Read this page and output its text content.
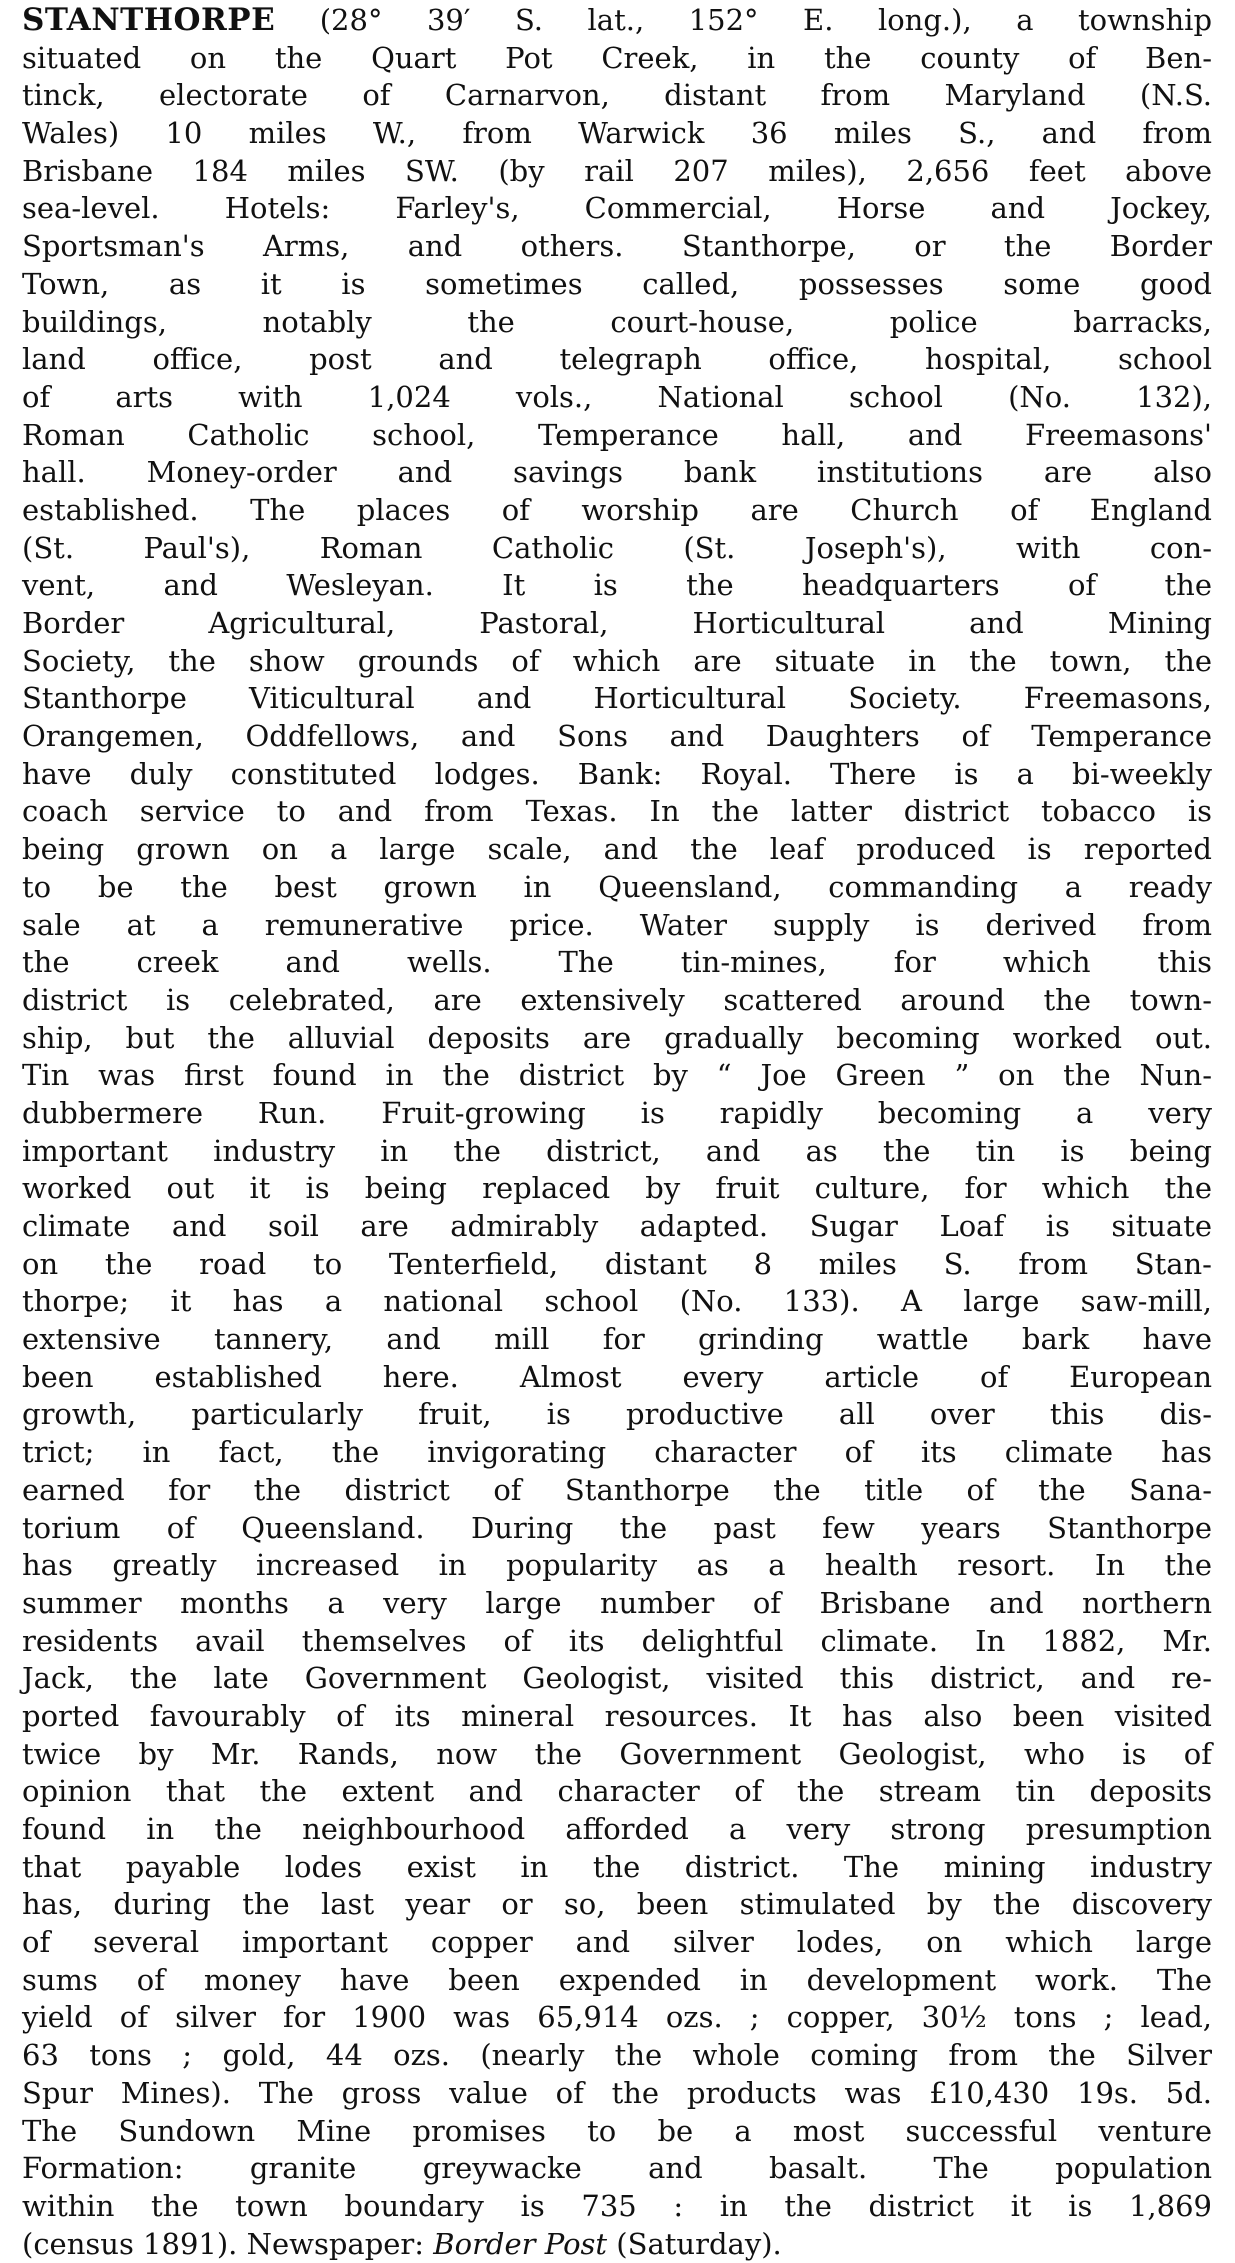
STANTHORPE (28° 39′ S. lat., 152° E. long.), a township
situated on the Quart Pot Creek, in the county of Ben-
tinck, electorate of Carnarvon, distant from Maryland (N.S.
Wales) 10 miles W., from Warwick 36 miles S., and from
Brisbane 184 miles SW. (by rail 207 miles), 2,656 feet above
sea-level. Hotels: Farley's, Commercial, Horse and Jockey,
Sportsman's Arms, and others. Stanthorpe, or the Border
Town, as it is sometimes called, possesses some good
buildings, notably the court-house, police barracks,
land office, post and telegraph office, hospital, school
of arts with 1,024 vols., National school (No. 132),
Roman Catholic school, Temperance hall, and Freemasons'
hall. Money-order and savings bank institutions are also
established. The places of worship are Church of England
(St. Paul's), Roman Catholic (St. Joseph's), with con-
vent, and Wesleyan. It is the headquarters of the
Border Agricultural, Pastoral, Horticultural and Mining
Society, the show grounds of which are situate in the town, the
Stanthorpe Viticultural and Horticultural Society. Freemasons,
Orangemen, Oddfellows, and Sons and Daughters of Temperance
have duly constituted lodges. Bank: Royal. There is a bi-weekly
coach service to and from Texas. In the latter district tobacco is
being grown on a large scale, and the leaf produced is reported
to be the best grown in Queensland, commanding a ready
sale at a remunerative price. Water supply is derived from
the creek and wells. The tin-mines, for which this
district is celebrated, are extensively scattered around the town-
ship, but the alluvial deposits are gradually becoming worked out.
Tin was first found in the district by “ Joe Green ” on the Nun-
dubbermere Run. Fruit-growing is rapidly becoming a very
important industry in the district, and as the tin is being
worked out it is being replaced by fruit culture, for which the
climate and soil are admirably adapted. Sugar Loaf is situate
on the road to Tenterfield, distant 8 miles S. from Stan-
thorpe; it has a national school (No. 133). A large saw-mill,
extensive tannery, and mill for grinding wattle bark have
been established here. Almost every article of European
growth, particularly fruit, is productive all over this dis-
trict; in fact, the invigorating character of its climate has
earned for the district of Stanthorpe the title of the Sana-
torium of Queensland. During the past few years Stanthorpe
has greatly increased in popularity as a health resort. In the
summer months a very large number of Brisbane and northern
residents avail themselves of its delightful climate. In 1882, Mr.
Jack, the late Government Geologist, visited this district, and re-
ported favourably of its mineral resources. It has also been visited
twice by Mr. Rands, now the Government Geologist, who is of
opinion that the extent and character of the stream tin deposits
found in the neighbourhood afforded a very strong presumption
that payable lodes exist in the district. The mining industry
has, during the last year or so, been stimulated by the discovery
of several important copper and silver lodes, on which large
sums of money have been expended in development work. The
yield of silver for 1900 was 65,914 ozs. ; copper, 30½ tons ; lead,
63 tons ; gold, 44 ozs. (nearly the whole coming from the Silver
Spur Mines). The gross value of the products was £10,430 19s. 5d.
The Sundown Mine promises to be a most successful venture
Formation: granite greywacke and basalt. The population
within the town boundary is 735 : in the district it is 1,869
(census 1891). Newspaper: Border Post (Saturday).
